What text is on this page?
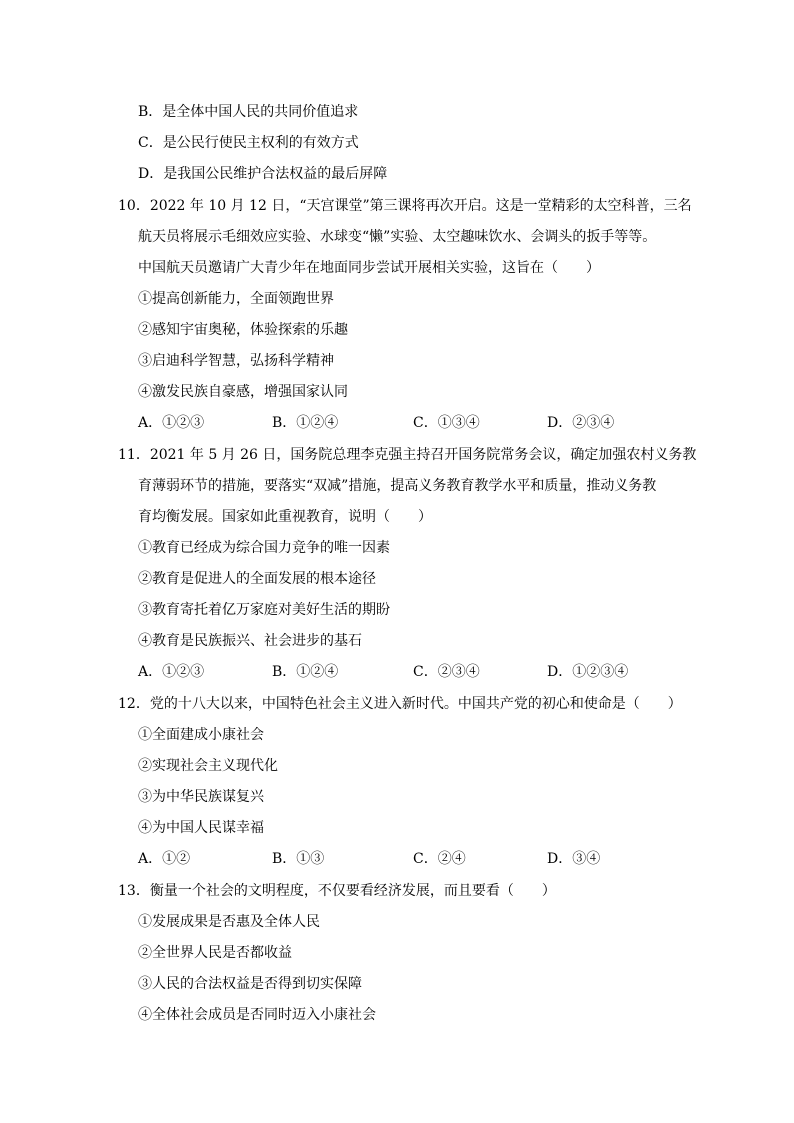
B．是全体中国人民的共同价值追求
C．是公民行使民主权利的有效方式
D．是我国公民维护合法权益的最后屏障
10．2022 年 10 月 12 日，“天宫课堂”第三课将再次开启。这是一堂精彩的太空科普，三名
航天员将展示毛细效应实验、水球变“懒”实验、太空趣味饮水、会调头的扳手等等。
中国航天员邀请广大青少年在地面同步尝试开展相关实验，这旨在（　　）
①提高创新能力，全面领跑世界
②感知宇宙奥秘，体验探索的乐趣
③启迪科学智慧，弘扬科学精神
④激发民族自豪感，增强国家认同
A．①②③	B．①②④	C．①③④	D．②③④
11．2021 年 5 月 26 日，国务院总理李克强主持召开国务院常务会议，确定加强农村义务教
育薄弱环节的措施，要落实“双减”措施，提高义务教育教学水平和质量，推动义务教
育均衡发展。国家如此重视教育，说明（　　）
①教育已经成为综合国力竞争的唯一因素
②教育是促进人的全面发展的根本途径
③教育寄托着亿万家庭对美好生活的期盼
④教育是民族振兴、社会进步的基石
A．①②③	B．①②④	C．②③④	D．①②③④
12．党的十八大以来，中国特色社会主义进入新时代。中国共产党的初心和使命是（　　）
①全面建成小康社会
②实现社会主义现代化
③为中华民族谋复兴
④为中国人民谋幸福
A．①②	B．①③	C．②④	D．③④
13．衡量一个社会的文明程度，不仅要看经济发展，而且要看（　　）
①发展成果是否惠及全体人民
②全世界人民是否都收益
③人民的合法权益是否得到切实保障
④全体社会成员是否同时迈入小康社会
